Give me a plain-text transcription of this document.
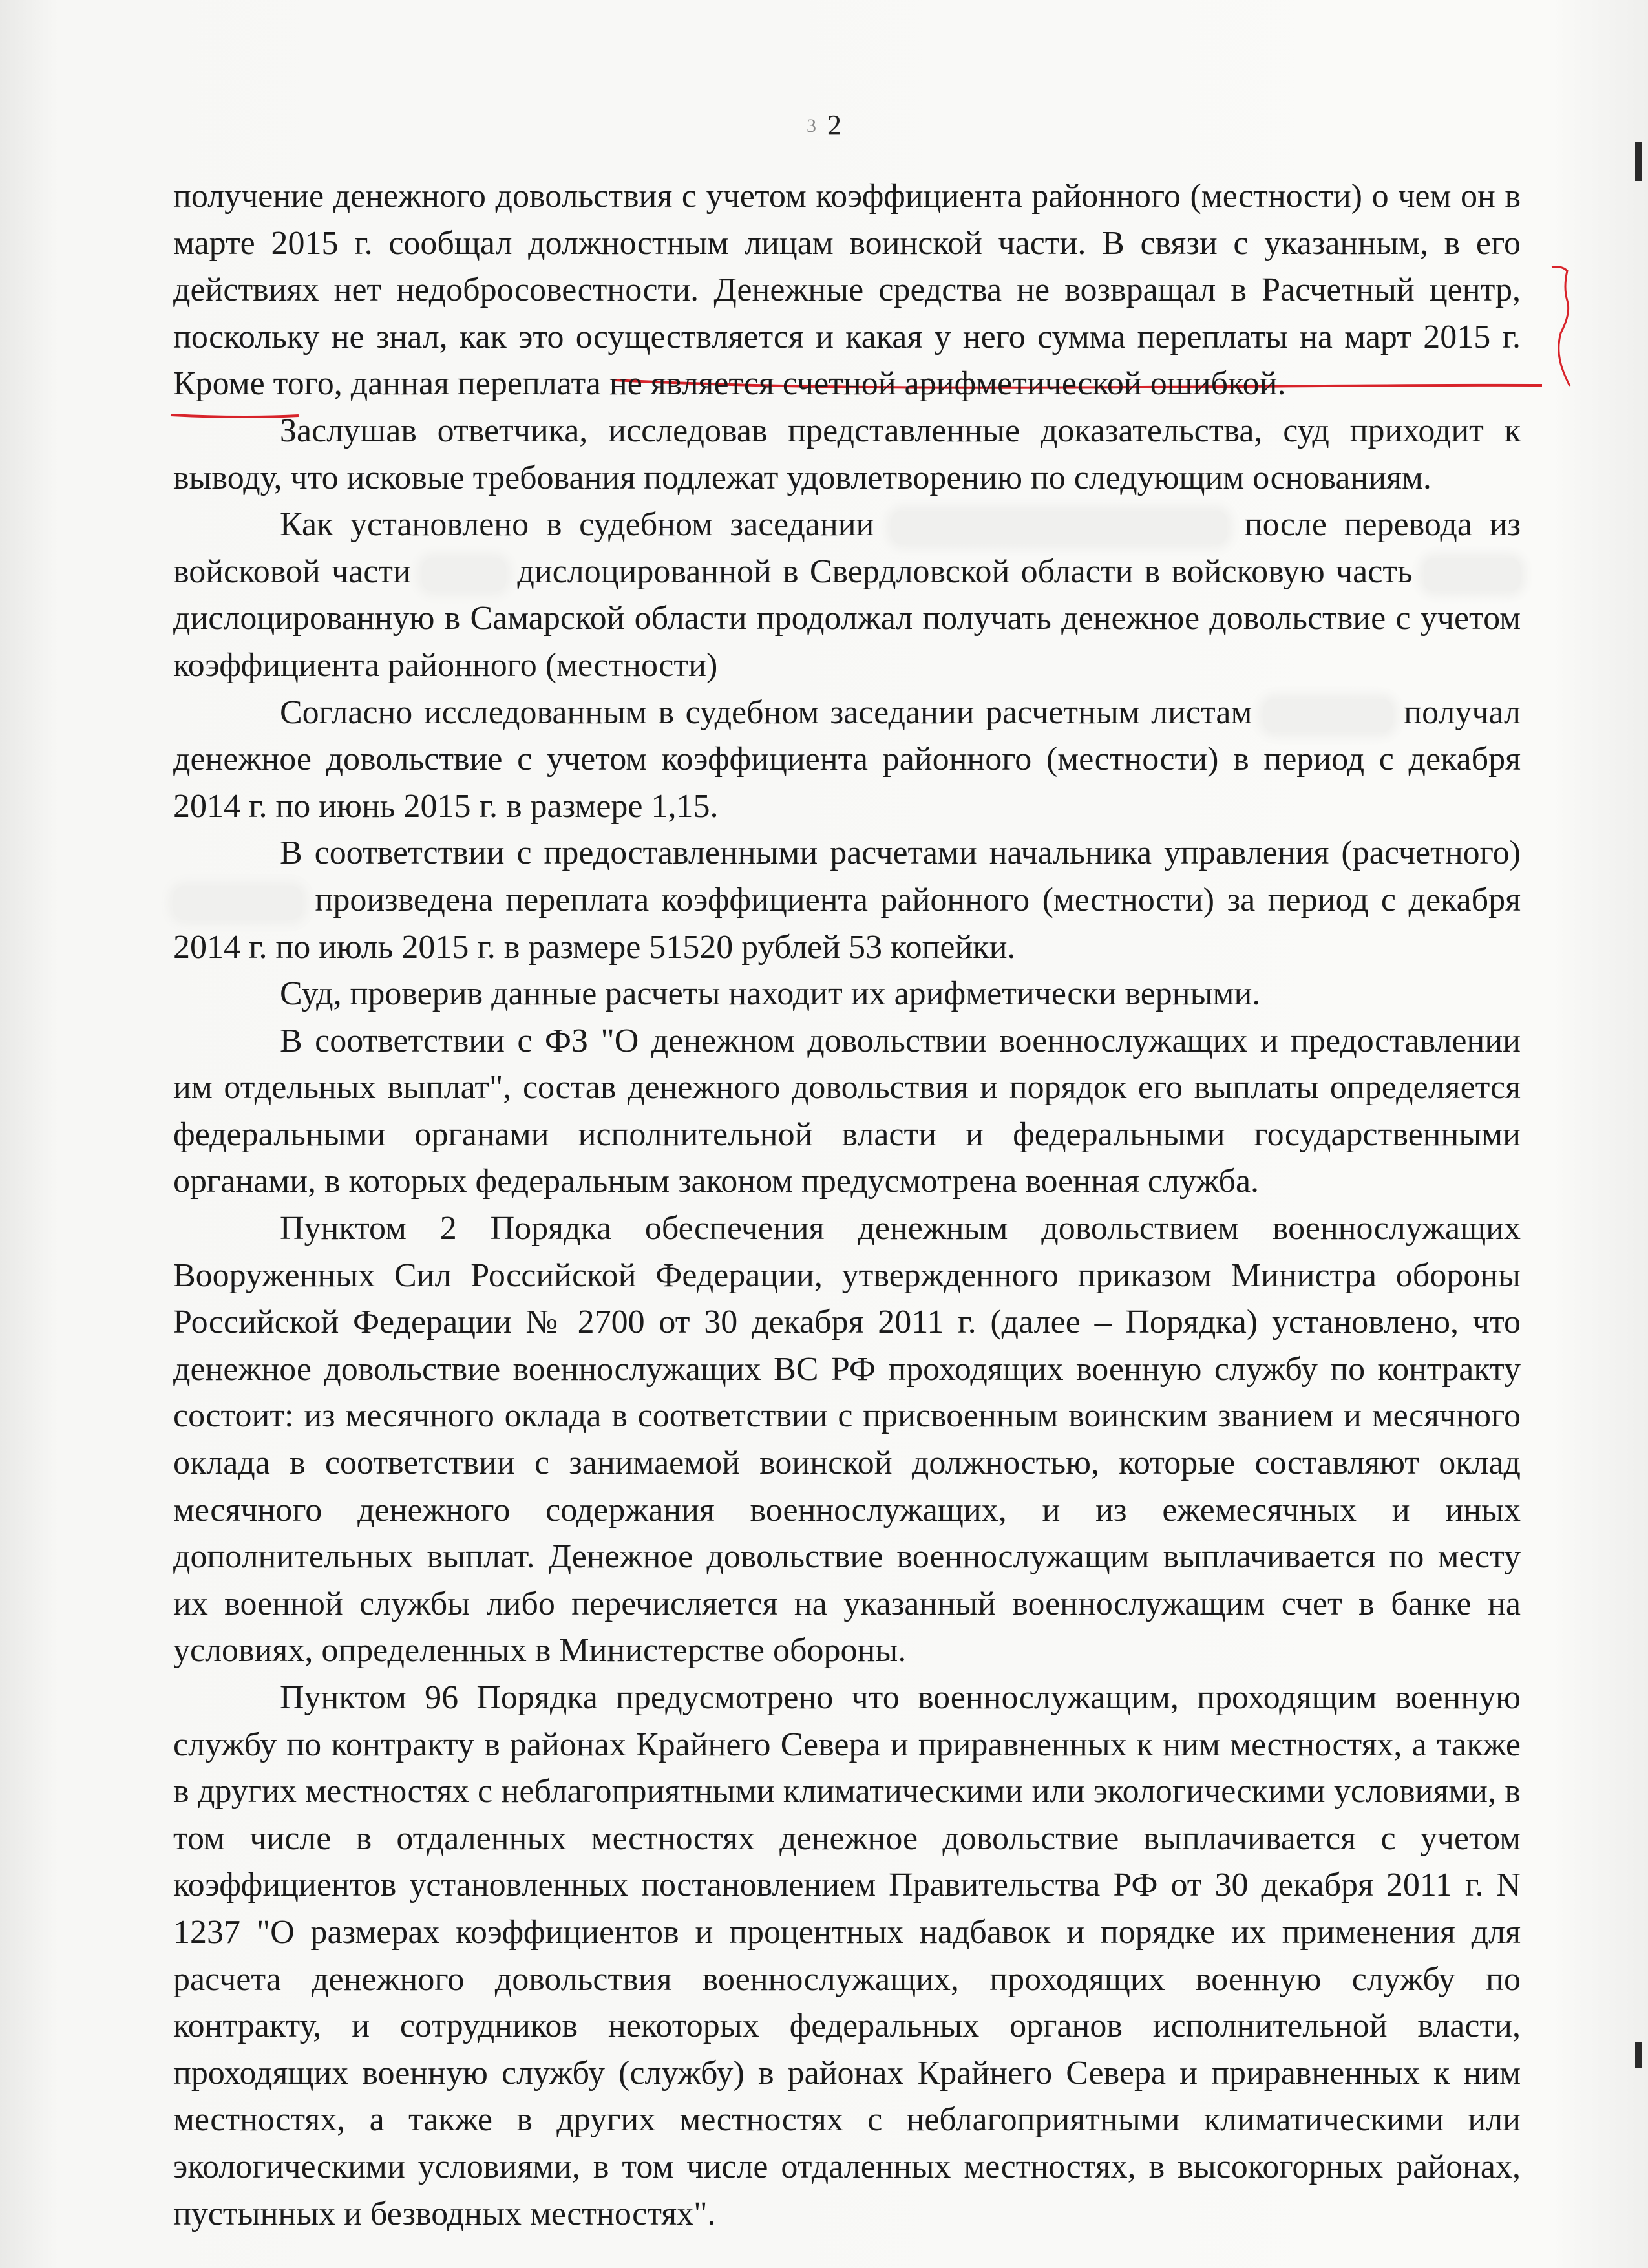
3 2

получение денежного довольствия с учетом коэффициента районного (местности) о чем он в марте 2015 г. сообщал должностным лицам воинской части. В связи с указанным, в его действиях нет недобросовестности. Денежные средства не возвращал в Расчетный центр, поскольку не знал, как это осуществляется и какая у него сумма переплаты на март 2015 г. Кроме того, данная переплата не является счетной арифметической ошибкой.

Заслушав ответчика, исследовав представленные доказательства, суд приходит к выводу, что исковые требования подлежат удовлетворению по следующим основаниям.

Как установлено в судебном заседании	после перевода из войсковой части	дислоцированной в Свердловской области в войсковую часть  дислоцированную в Самарской области продолжал получать денежное довольствие с учетом коэффициента районного (местности)

Согласно исследованным в судебном заседании расчетным листам	получал денежное довольствие с учетом коэффициента районного (местности) в период с декабря 2014 г. по июнь 2015 г. в размере 1,15.

В соответствии с предоставленными расчетами начальника управления (расчетного)  произведена переплата коэффициента районного (местности) за период с декабря 2014 г. по июль 2015 г. в размере 51520 рублей 53 копейки.

Суд, проверив данные расчеты находит их арифметически верными.

В соответствии с ФЗ "О денежном довольствии военнослужащих и предоставлении им отдельных выплат", состав денежного довольствия и порядок его выплаты определяется федеральными органами исполнительной власти и федеральными государственными органами, в которых федеральным законом предусмотрена военная служба.

Пунктом 2 Порядка обеспечения денежным довольствием военнослужащих Вооруженных Сил Российской Федерации, утвержденного приказом Министра обороны Российской Федерации № 2700 от 30 декабря 2011 г. (далее – Порядка) установлено, что денежное довольствие военнослужащих ВС РФ проходящих военную службу по контракту состоит: из месячного оклада в соответствии с присвоенным воинским званием и месячного оклада в соответствии с занимаемой воинской должностью, которые составляют оклад месячного денежного содержания военнослужащих, и из ежемесячных и иных дополнительных выплат. Денежное довольствие военнослужащим выплачивается по месту их военной службы либо перечисляется на указанный военнослужащим счет в банке на условиях, определенных в Министерстве обороны.

Пунктом 96 Порядка предусмотрено что военнослужащим, проходящим военную службу по контракту в районах Крайнего Севера и приравненных к ним местностях, а также в других местностях с неблагоприятными климатическими или экологическими условиями, в том числе в отдаленных местностях денежное довольствие выплачивается с учетом коэффициентов установленных постановлением Правительства РФ от 30 декабря 2011 г. N 1237 "О размерах коэффициентов и процентных надбавок и порядке их применения для расчета денежного довольствия военнослужащих, проходящих военную службу по контракту, и сотрудников некоторых федеральных органов исполнительной власти, проходящих военную службу (службу) в районах Крайнего Севера и приравненных к ним местностях, а также в других местностях с неблагоприятными климатическими или экологическими условиями, в том числе отдаленных местностях, в высокогорных районах, пустынных и безводных местностях".
